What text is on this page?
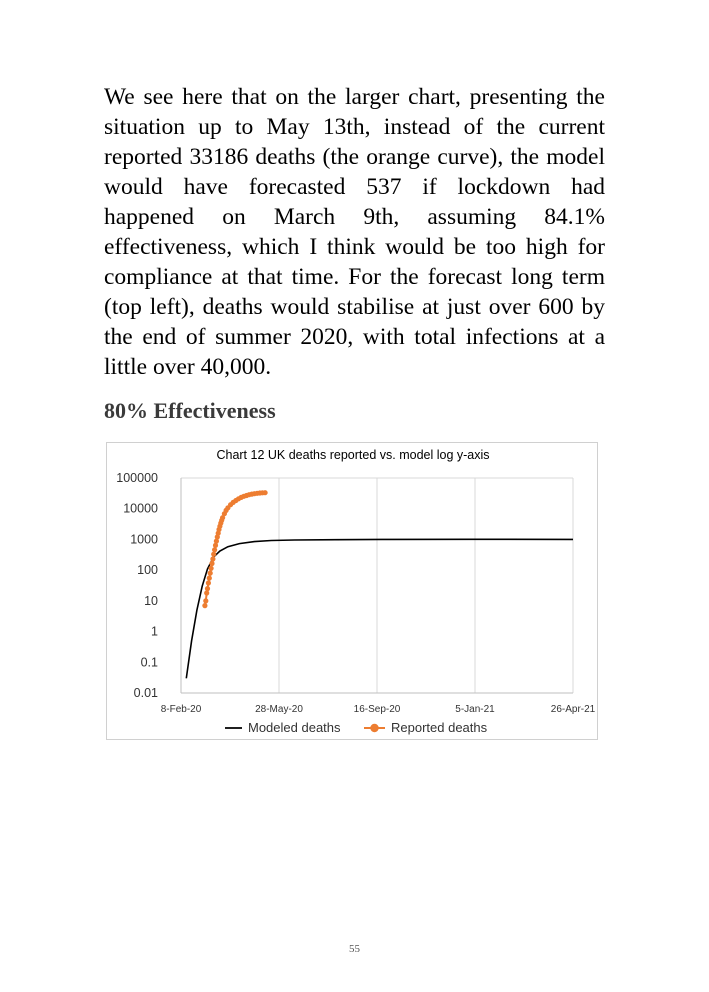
We see here that on the larger chart, presenting the situation up to May 13th, instead of the current reported 33186 deaths (the orange curve), the model would have forecasted 537 if lockdown had happened on March 9th, assuming 84.1% effectiveness, which I think would be too high for compliance at that time. For the forecast long term (top left), deaths would stabilise at just over 600 by the end of summer 2020, with total infections at a little over 40,000.

80% Effectiveness
Chart 12 UK deaths reported vs. model log y-axis
8-Feb-20	28-May-20	16-Sep-20	5-Jan-21	26-Apr-21
100000
10000
1000
100
10
1
0.1
0.01
Modeled deaths	Reported deaths
55
